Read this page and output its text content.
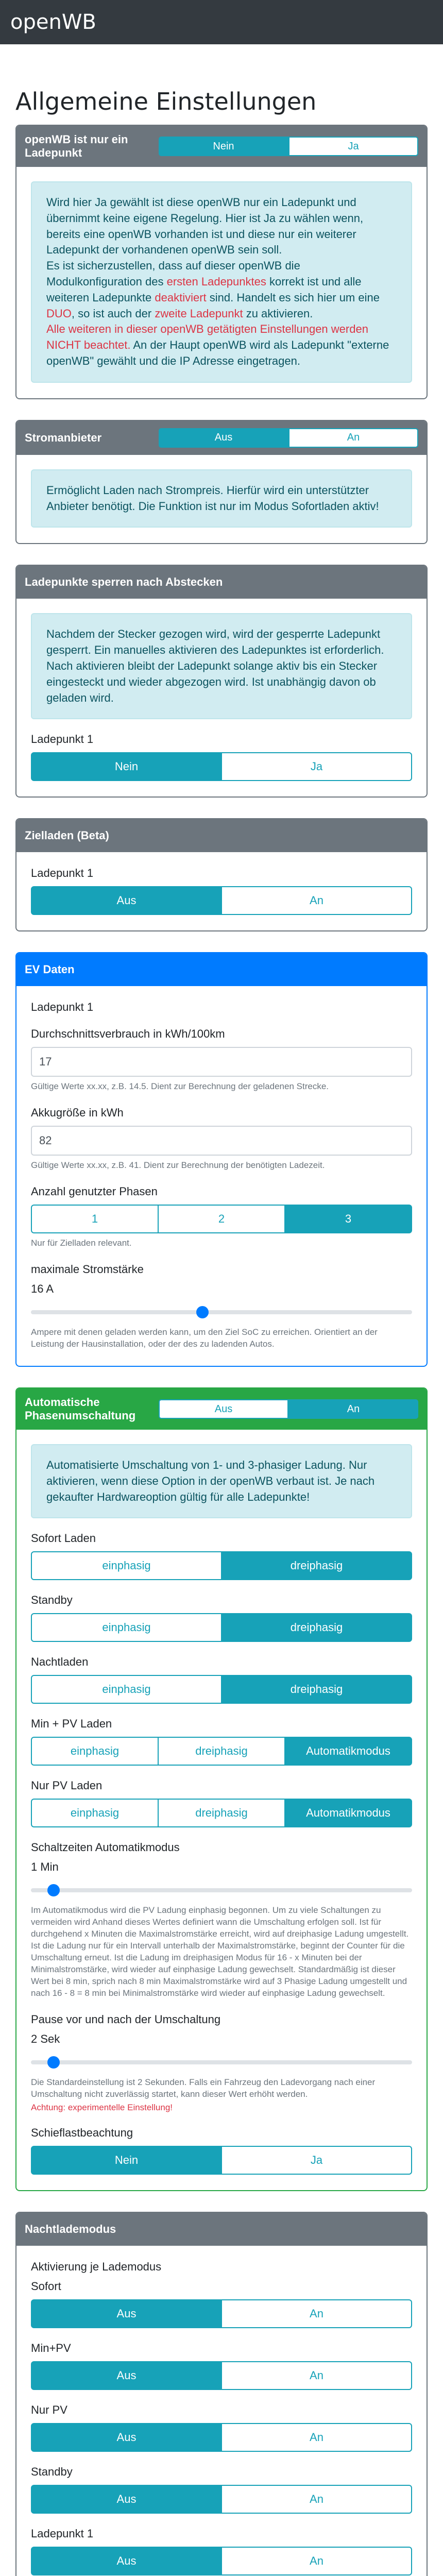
openWB
Allgemeine Einstellungen
openWB ist nur ein Ladepunkt
Nein	Ja
Wird hier Ja gewählt ist diese openWB nur ein Ladepunkt und übernimmt keine eigene Regelung. Hier ist Ja zu wählen wenn, bereits eine openWB vorhanden ist und diese nur ein weiterer Ladepunkt der vorhandenen openWB sein soll.
Es ist sicherzustellen, dass auf dieser openWB die Modulkonfiguration des ersten Ladepunktes korrekt ist und alle weiteren Ladepunkte deaktiviert sind. Handelt es sich hier um eine DUO, so ist auch der zweite Ladepunkt zu aktivieren.
Alle weiteren in dieser openWB getätigten Einstellungen werden NICHT beachtet. An der Haupt openWB wird als Ladepunkt "externe openWB" gewählt und die IP Adresse eingetragen.
Stromanbieter	Aus	An
Ermöglicht Laden nach Strompreis. Hierfür wird ein unterstützter Anbieter benötigt. Die Funktion ist nur im Modus Sofortladen aktiv!
Ladepunkte sperren nach Abstecken
Nachdem der Stecker gezogen wird, wird der gesperrte Ladepunkt gesperrt. Ein manuelles aktivieren des Ladepunktes ist erforderlich. Nach aktivieren bleibt der Ladepunkt solange aktiv bis ein Stecker eingesteckt und wieder abgezogen wird. Ist unabhängig davon ob geladen wird.
Ladepunkt 1
Nein	Ja
Zielladen (Beta)
Ladepunkt 1
Aus	An
EV Daten
Ladepunkt 1
Durchschnittsverbrauch in kWh/100km
17
Gültige Werte xx.xx, z.B. 14.5. Dient zur Berechnung der geladenen Strecke.
Akkugröße in kWh
82
Gültige Werte xx.xx, z.B. 41. Dient zur Berechnung der benötigten Ladezeit.
Anzahl genutzter Phasen
1	2	3
Nur für Zielladen relevant.
maximale Stromstärke
16 A
Ampere mit denen geladen werden kann, um den Ziel SoC zu erreichen. Orientiert an der Leistung der Hausinstallation, oder der des zu ladenden Autos.
Automatische Phasenumschaltung
Aus	An
Automatisierte Umschaltung von 1- und 3-phasiger Ladung. Nur aktivieren, wenn diese Option in der openWB verbaut ist. Je nach gekaufter Hardwareoption gültig für alle Ladepunkte!
Sofort Laden
einphasig	dreiphasig
Standby
einphasig	dreiphasig
Nachtladen
einphasig	dreiphasig
Min + PV Laden
einphasig	dreiphasig	Automatikmodus
Nur PV Laden
einphasig	dreiphasig	Automatikmodus
Schaltzeiten Automatikmodus
1 Min
Im Automatikmodus wird die PV Ladung einphasig begonnen. Um zu viele Schaltungen zu vermeiden wird Anhand dieses Wertes definiert wann die Umschaltung erfolgen soll. Ist für durchgehend x Minuten die Maximalstromstärke erreicht, wird auf dreiphasige Ladung umgestellt. Ist die Ladung nur für ein Intervall unterhalb der Maximalstromstärke, beginnt der Counter für die Umschaltung erneut. Ist die Ladung im dreiphasigen Modus für 16 - x Minuten bei der Minimalstromstärke, wird wieder auf einphasige Ladung gewechselt. Standardmäßig ist dieser Wert bei 8 min, sprich nach 8 min Maximalstromstärke wird auf 3 Phasige Ladung umgestellt und nach 16 - 8 = 8 min bei Minimalstromstärke wird wieder auf einphasige Ladung gewechselt.
Pause vor und nach der Umschaltung
2 Sek
Die Standardeinstellung ist 2 Sekunden. Falls ein Fahrzeug den Ladevorgang nach einer Umschaltung nicht zuverlässig startet, kann dieser Wert erhöht werden.
Achtung: experimentelle Einstellung!
Schieflastbeachtung
Nein	Ja
Nachtlademodus
Aktivierung je Lademodus
Sofort
Aus	An
Min+PV
Aus	An
Nur PV
Aus	An
Standby
Aus	An
Ladepunkt 1
Aus	An
